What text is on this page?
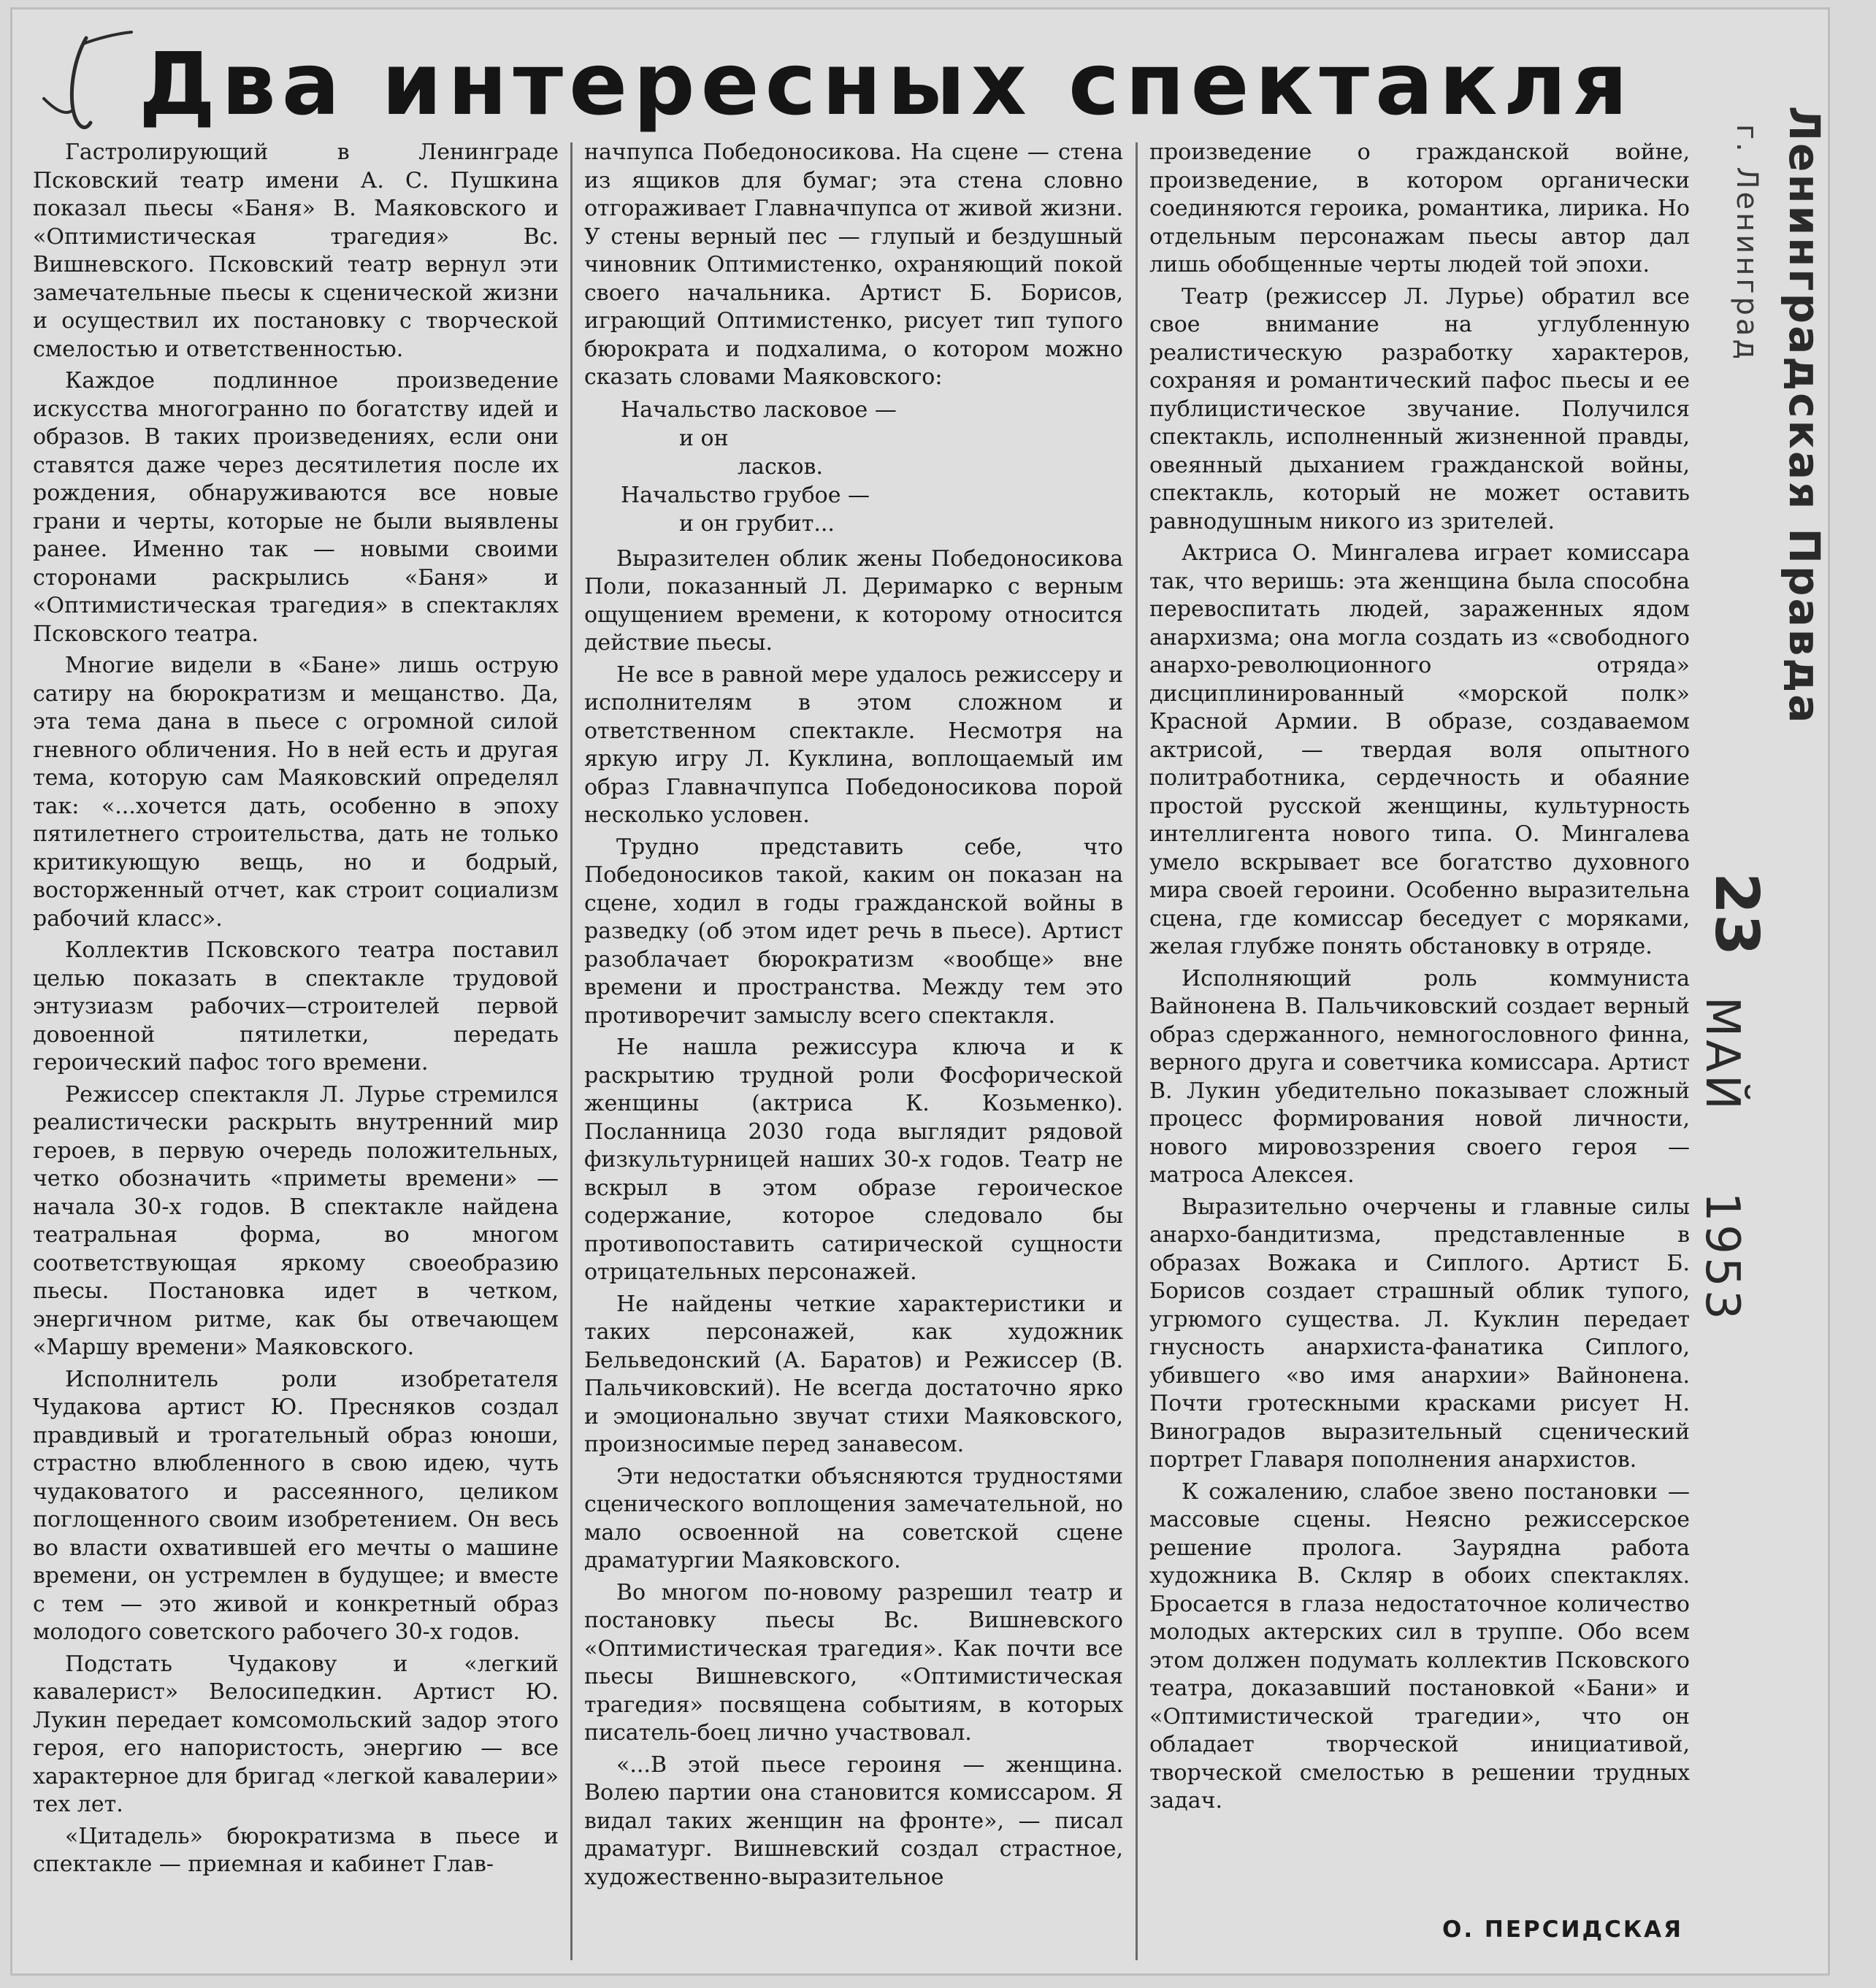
Два интересных спектакля

Гастролирующий в Ленинграде Псковский театр имени А. С. Пушкина показал пьесы «Баня» В. Маяковского и «Оптимистическая трагедия» Вс. Вишневского. Псковский театр вернул эти замечательные пьесы к сценической жизни и осуществил их постановку с творческой смелостью и ответственностью.

Каждое подлинное произведение искусства многогранно по богатству идей и образов. В таких произведениях, если они ставятся даже через десятилетия после их рождения, обнаруживаются все новые грани и черты, которые не были выявлены ранее. Именно так — новыми своими сторонами раскрылись «Баня» и «Оптимистическая трагедия» в спектаклях Псковского театра.

Многие видели в «Бане» лишь острую сатиру на бюрократизм и мещанство. Да, эта тема дана в пьесе с огромной силой гневного обличения. Но в ней есть и другая тема, которую сам Маяковский определял так: «...хочется дать, особенно в эпоху пятилетнего строительства, дать не только критикующую вещь, но и бодрый, восторженный отчет, как строит социализм рабочий класс».

Коллектив Псковского театра поставил целью показать в спектакле трудовой энтузиазм рабочих—строителей первой довоенной пятилетки, передать героический пафос того времени.

Режиссер спектакля Л. Лурье стремился реалистически раскрыть внутренний мир героев, в первую очередь положительных, четко обозначить «приметы времени» — начала 30-х годов. В спектакле найдена театральная форма, во многом соответствующая яркому своеобразию пьесы. Постановка идет в четком, энергичном ритме, как бы отвечающем «Маршу времени» Маяковского.

Исполнитель роли изобретателя Чудакова артист Ю. Пресняков создал правдивый и трогательный образ юноши, страстно влюбленного в свою идею, чуть чудаковатого и рассеянного, целиком поглощенного своим изобретением. Он весь во власти охватившей его мечты о машине времени, он устремлен в будущее; и вместе с тем — это живой и конкретный образ молодого советского рабочего 30-х годов.

Подстать Чудакову и «легкий кавалерист» Велосипедкин. Артист Ю. Лукин передает комсомольский задор этого героя, его напористость, энергию — все характерное для бригад «легкой кавалерии» тех лет.

«Цитадель» бюрократизма в пьесе и спектакле — приемная и кабинет Глав-

начпупса Победоносикова. На сцене — стена из ящиков для бумаг; эта стена словно отгораживает Главначпупса от живой жизни. У стены верный пес — глупый и бездушный чиновник Оптимистенко, охраняющий покой своего начальника. Артист Б. Борисов, играющий Оптимистенко, рисует тип тупого бюрократа и подхалима, о котором можно сказать словами Маяковского:

Начальство ласковое —
и он
ласков.
Начальство грубое —
и он грубит...

Выразителен облик жены Победоносикова Поли, показанный Л. Деримарко с верным ощущением времени, к которому относится действие пьесы.

Не все в равной мере удалось режиссеру и исполнителям в этом сложном и ответственном спектакле. Несмотря на яркую игру Л. Куклина, воплощаемый им образ Главначпупса Победоносикова порой несколько условен.

Трудно представить себе, что Победоносиков такой, каким он показан на сцене, ходил в годы гражданской войны в разведку (об этом идет речь в пьесе). Артист разоблачает бюрократизм «вообще» вне времени и пространства. Между тем это противоречит замыслу всего спектакля.

Не нашла режиссура ключа и к раскрытию трудной роли Фосфорической женщины (актриса К. Козьменко). Посланница 2030 года выглядит рядовой физкультурницей наших 30-х годов. Театр не вскрыл в этом образе героическое содержание, которое следовало бы противопоставить сатирической сущности отрицательных персонажей.

Не найдены четкие характеристики и таких персонажей, как художник Бельведонский (А. Баратов) и Режиссер (В. Пальчиковский). Не всегда достаточно ярко и эмоционально звучат стихи Маяковского, произносимые перед занавесом.

Эти недостатки объясняются трудностями сценического воплощения замечательной, но мало освоенной на советской сцене драматургии Маяковского.

Во многом по-новому разрешил театр и постановку пьесы Вс. Вишневского «Оптимистическая трагедия». Как почти все пьесы Вишневского, «Оптимистическая трагедия» посвящена событиям, в которых писатель-боец лично участвовал.

«...В этой пьесе героиня — женщина. Волею партии она становится комиссаром. Я видал таких женщин на фронте», — писал драматург. Вишневский создал страстное, художественно-выразительное

произведение о гражданской войне, произведение, в котором органически соединяются героика, романтика, лирика. Но отдельным персонажам пьесы автор дал лишь обобщенные черты людей той эпохи.

Театр (режиссер Л. Лурье) обратил все свое внимание на углубленную реалистическую разработку характеров, сохраняя и романтический пафос пьесы и ее публицистическое звучание. Получился спектакль, исполненный жизненной правды, овеянный дыханием гражданской войны, спектакль, который не может оставить равнодушным никого из зрителей.

Актриса О. Мингалева играет комиссара так, что веришь: эта женщина была способна перевоспитать людей, зараженных ядом анархизма; она могла создать из «свободного анархо-революционного отряда» дисциплинированный «морской полк» Красной Армии. В образе, создаваемом актрисой, — твердая воля опытного политработника, сердечность и обаяние простой русской женщины, культурность интеллигента нового типа. О. Мингалева умело вскрывает все богатство духовного мира своей героини. Особенно выразительна сцена, где комиссар беседует с моряками, желая глубже понять обстановку в отряде.

Исполняющий роль коммуниста Вайнонена В. Пальчиковский создает верный образ сдержанного, немногословного финна, верного друга и советчика комиссара. Артист В. Лукин убедительно показывает сложный процесс формирования новой личности, нового мировоззрения своего героя — матроса Алексея.

Выразительно очерчены и главные силы анархо-бандитизма, представленные в образах Вожака и Сиплого. Артист Б. Борисов создает страшный облик тупого, угрюмого существа. Л. Куклин передает гнусность анархиста-фанатика Сиплого, убившего «во имя анархии» Вайнонена. Почти гротескными красками рисует Н. Виноградов выразительный сценический портрет Главаря пополнения анархистов.

К сожалению, слабое звено постановки — массовые сцены. Неясно режиссерское решение пролога. Заурядна работа художника В. Скляр в обоих спектаклях. Бросается в глаза недостаточное количество молодых актерских сил в труппе. Обо всем этом должен подумать коллектив Псковского театра, доказавший постановкой «Бани» и «Оптимистической трагедии», что он обладает творческой инициативой, творческой смелостью в решении трудных задач.

О. ПЕРСИДСКАЯ
Ленинградская Правда
г. Ленинград
23
МАЙ  1953
